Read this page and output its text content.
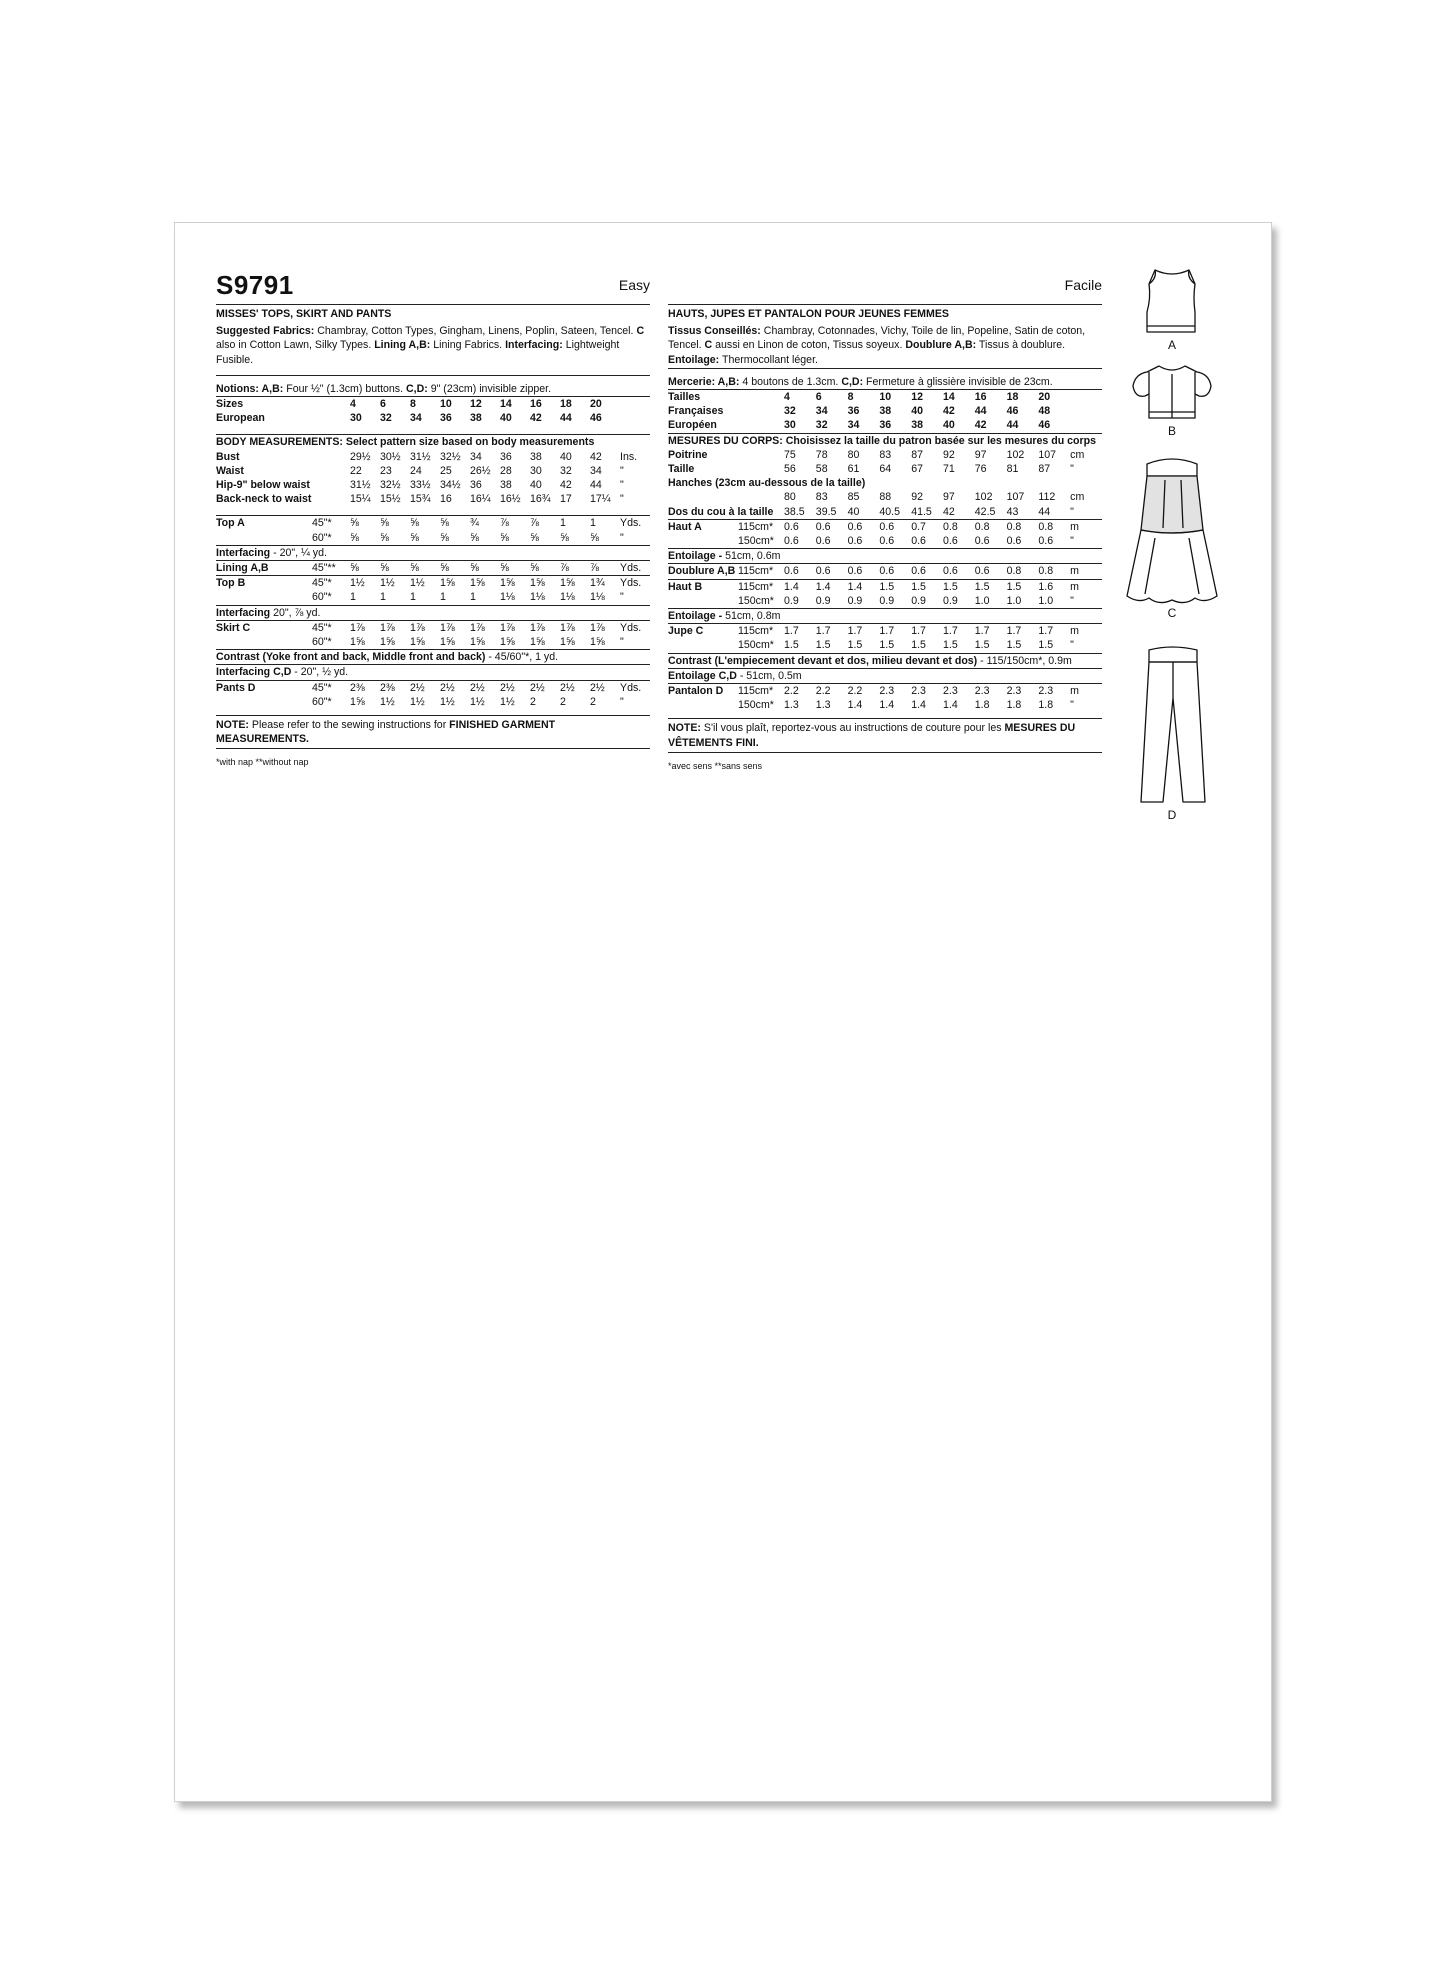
S9791	Easy
MISSES' TOPS, SKIRT AND PANTS
Suggested Fabrics: Chambray, Cotton Types, Gingham, Linens, Poplin, Sateen, Tencel. C also in Cotton Lawn, Silky Types. Lining A,B: Lining Fabrics. Interfacing: Lightweight Fusible.
Notions: A,B: Four ½" (1.3cm) buttons. C,D: 9" (23cm) invisible zipper.
Sizes		4	6	8	10	12	14	16	18	20	
European		30	32	34	36	38	40	42	44	46	
BODY MEASUREMENTS: Select pattern size based on body measurements
Bust		29½	30½	31½	32½	34	36	38	40	42	Ins.
Waist		22	23	24	25	26½	28	30	32	34	"
Hip-9" below waist		31½	32½	33½	34½	36	38	40	42	44	"
Back-neck to waist		15¼	15½	15¾	16	16¼	16½	16¾	17	17¼	"
Top A	45"*	⅝	⅝	⅝	⅝	¾	⅞	⅞	1	1	Yds.
	60"*	⅝	⅝	⅝	⅝	⅝	⅝	⅝	⅝	⅝	"
Interfacing - 20", ¼ yd.
Lining A,B	45"**	⅝	⅝	⅝	⅝	⅝	⅝	⅝	⅞	⅞	Yds.
Top B	45"*	1½	1½	1½	1⅝	1⅝	1⅝	1⅝	1⅝	1¾	Yds.
	60"*	1	1	1	1	1	1⅛	1⅛	1⅛	1⅛	"
Interfacing 20", ⅞ yd.
Skirt C	45"*	1⅞	1⅞	1⅞	1⅞	1⅞	1⅞	1⅞	1⅞	1⅞	Yds.
	60"*	1⅝	1⅝	1⅝	1⅝	1⅝	1⅝	1⅝	1⅝	1⅝	"
Contrast (Yoke front and back, Middle front and back) - 45/60"*, 1 yd.
Interfacing C,D - 20", ½ yd.
Pants D	45"*	2⅜	2⅜	2½	2½	2½	2½	2½	2½	2½	Yds.
	60"*	1⅝	1½	1½	1½	1½	1½	2	2	2	"
NOTE: Please refer to the sewing instructions for FINISHED GARMENT MEASUREMENTS.
*with nap **without nap
Facile
HAUTS, JUPES ET PANTALON POUR JEUNES FEMMES
Tissus Conseillés: Chambray, Cotonnades, Vichy, Toile de lin, Popeline, Satin de coton, Tencel. C aussi en Linon de coton, Tissus soyeux. Doublure A,B: Tissus à doublure. Entoilage: Thermocollant léger.
Mercerie: A,B: 4 boutons de 1.3cm. C,D: Fermeture à glissière invisible de 23cm.
Tailles		4	6	8	10	12	14	16	18	20	
Françaises		32	34	36	38	40	42	44	46	48	
Européen		30	32	34	36	38	40	42	44	46	
MESURES DU CORPS: Choisissez la taille du patron basée sur les mesures du corps
Poitrine		75	78	80	83	87	92	97	102	107	cm
Taille		56	58	61	64	67	71	76	81	87	"
Hanches (23cm au-dessous de la taille)											
		80	83	85	88	92	97	102	107	112	cm
Dos du cou à la taille		38.5	39.5	40	40.5	41.5	42	42.5	43	44	"
Haut A	115cm*	0.6	0.6	0.6	0.6	0.7	0.8	0.8	0.8	0.8	m
	150cm*	0.6	0.6	0.6	0.6	0.6	0.6	0.6	0.6	0.6	"
Entoilage - 51cm, 0.6m
Doublure A,B	115cm*	0.6	0.6	0.6	0.6	0.6	0.6	0.6	0.8	0.8	m
Haut B	115cm*	1.4	1.4	1.4	1.5	1.5	1.5	1.5	1.5	1.6	m
	150cm*	0.9	0.9	0.9	0.9	0.9	0.9	1.0	1.0	1.0	"
Entoilage - 51cm, 0.8m
Jupe C	115cm*	1.7	1.7	1.7	1.7	1.7	1.7	1.7	1.7	1.7	m
	150cm*	1.5	1.5	1.5	1.5	1.5	1.5	1.5	1.5	1.5	"
Contrast (L'empiecement devant et dos, milieu devant et dos) - 115/150cm*, 0.9m
Entoilage C,D - 51cm, 0.5m
Pantalon D	115cm*	2.2	2.2	2.2	2.3	2.3	2.3	2.3	2.3	2.3	m
	150cm*	1.3	1.3	1.4	1.4	1.4	1.4	1.8	1.8	1.8	"
NOTE: S'il vous plaît, reportez-vous au instructions de couture pour les MESURES DU VÊTEMENTS FINI.
*avec sens **sans sens
A
B
C
D
